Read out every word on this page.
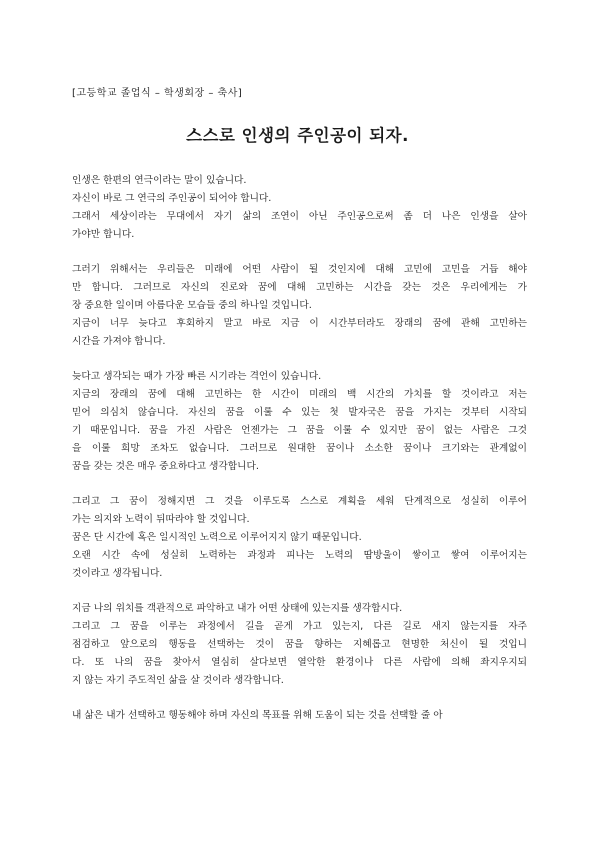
[고등학교 졸업식 – 학생회장 – 축사]
스스로 인생의 주인공이 되자.
인생은 한편의 연극이라는 말이 있습니다.
자신이 바로 그 연극의 주인공이 되어야 합니다.
그래서 세상이라는 무대에서 자기 삶의 조연이 아닌 주인공으로써 좀 더 나은 인생을 살아
가야만 합니다.
그러기 위해서는 우리들은 미래에 어떤 사람이 될 것인지에 대해 고민에 고민을 거듭 해야
만 합니다. 그러므로 자신의 진로와 꿈에 대해 고민하는 시간을 갖는 것은 우리에게는 가
장 중요한 일이며 아름다운 모습들 중의 하나일 것입니다.
지금이 너무 늦다고 후회하지 말고 바로 지금 이 시간부터라도 장래의 꿈에 관해 고민하는
시간을 가져야 합니다.
늦다고 생각되는 때가 가장 빠른 시기라는 격언이 있습니다.
지금의 장래의 꿈에 대해 고민하는 한 시간이 미래의 백 시간의 가치를 할 것이라고 저는
믿어 의심치 않습니다. 자신의 꿈을 이룰 수 있는 첫 발자국은 꿈을 가지는 것부터 시작되
기 때문입니다. 꿈을 가진 사람은 언젠가는 그 꿈을 이룰 수 있지만 꿈이 없는 사람은 그것
을 이룰 희망 조차도 없습니다. 그러므로 원대한 꿈이나 소소한 꿈이나 크기와는 관계없이
꿈을 갖는 것은 매우 중요하다고 생각합니다.
그리고 그 꿈이 정해지면 그 것을 이루도록 스스로 계획을 세워 단계적으로 성실히 이루어
가는 의지와 노력이 뒤따라야 할 것입니다.
꿈은 단 시간에 혹은 일시적인 노력으로 이루어지지 않기 때문입니다.
오랜 시간 속에 성실히 노력하는 과정과 피나는 노력의 땀방울이 쌓이고 쌓여 이루어지는
것이라고 생각됩니다.
지금 나의 위치를 객관적으로 파악하고 내가 어떤 상태에 있는지를 생각합시다.
그리고 그 꿈을 이루는 과정에서 길을 곧게 가고 있는지, 다른 길로 새지 않는지를 자주
점검하고 앞으로의 행동을 선택하는 것이 꿈을 향하는 지혜롭고 현명한 처신이 될 것입니
다. 또 나의 꿈을 찾아서 열심히 살다보면 열악한 환경이나 다른 사람에 의해 좌지우지되
지 않는 자기 주도적인 삶을 살 것이라 생각합니다.
내 삶은 내가 선택하고 행동해야 하며 자신의 목표를 위해 도움이 되는 것을 선택할 줄 아
